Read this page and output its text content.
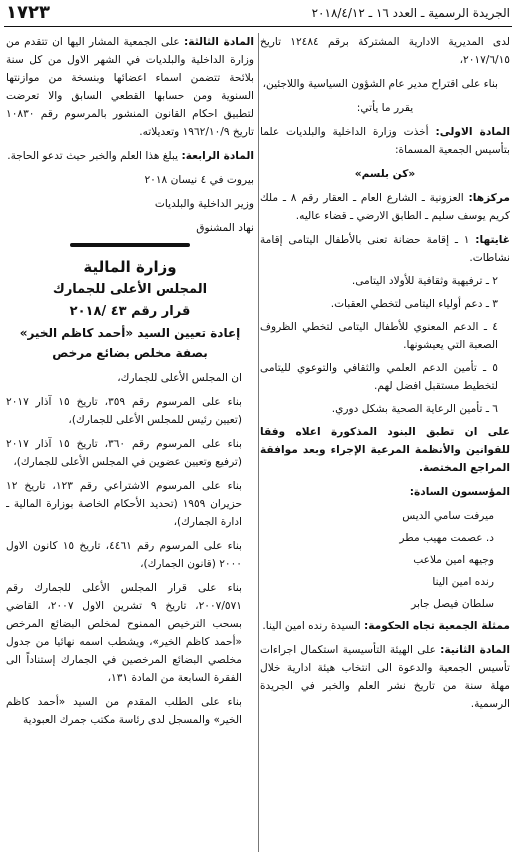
١٧٢٣	الجريدة الرسمية ـ العدد ١٦ ـ ٢٠١٨/٤/١٢

لدى المديرية الادارية المشتركة برقم ١٢٤٨٤ تاريخ ٢٠١٧/٦/١٥،

بناء على اقتراح مدير عام الشؤون السياسية واللاجئين،

يقرر ما يأتي:

المادة الاولى: أخذت وزارة الداخلية والبلديات علما بتأسيس الجمعية المسماة:

«كن بلسم»

مركزها: العزونية ـ الشارع العام ـ العقار رقم ٨ ـ ملك كريم يوسف سليم ـ الطابق الارضي ـ قضاء عاليه.

غايتها: ١ ـ إقامة حضانة تعنى بالأطفال اليتامى إقامة نشاطات.

٢ ـ ترفيهية وثقافية للأولاد اليتامى.

٣ ـ دعم أولياء اليتامى لتخطي العقبات.

٤ ـ الدعم المعنوي للأطفال اليتامى لتخطي الظروف الصعبة التي يعيشونها.

٥ ـ تأمين الدعم العلمي والثقافي والتوعوي لليتامى لتخطيط مستقبل افضل لهم.

٦ ـ تأمين الرعاية الصحية بشكل دوري.

على ان تطبق البنود المذكورة اعلاه وفقا للقوانين والأنظمة المرعية الإجراء وبعد موافقة المراجع المختصة.

المؤسسون السادة:

ميرفت سامي الديس

د. عصمت مهيب مطر

وجيهه امين ملاعب

رنده امين الينا

سلطان فيصل جابر

ممثلة الجمعية تجاه الحكومة: السيدة رنده امين الينا.

المادة الثانية: على الهيئة التأسيسية استكمال اجراءات تأسيس الجمعية والدعوة الى انتخاب هيئة ادارية خلال مهلة سنة من تاريخ نشر العلم والخبر في الجريدة الرسمية.

المادة الثالثة: على الجمعية المشار اليها ان تتقدم من وزارة الداخلية والبلديات في الشهر الاول من كل سنة بلائحة تتضمن اسماء اعضائها وبنسخة من موازنتها السنوية ومن حسابها القطعي السابق والا تعرضت لتطبيق احكام القانون المنشور بالمرسوم رقم ١٠٨٣٠ تاريخ ١٩٦٢/١٠/٩ وتعديلاته.

المادة الرابعة: يبلغ هذا العلم والخبر حيث تدعو الحاجة.

بيروت في ٤ نيسان ٢٠١٨

وزير الداخلية والبلديات

نهاد المشنوق

وزارة المالية
المجلس الأعلى للجمارك
قرار رقم ٤٣ /٢٠١٨
إعادة تعيين السيد «أحمد كاظم الخير»
بصفة مخلص بضائع مرخص

ان المجلس الأعلى للجمارك،

بناء على المرسوم رقم ٣٥٩، تاريخ ١٥ آذار ٢٠١٧ (تعيين رئيس للمجلس الأعلى للجمارك)،

بناء على المرسوم رقم ٣٦٠، تاريخ ١٥ آذار ٢٠١٧ (ترفيع وتعيين عضوين في المجلس الأعلى للجمارك)،

بناء على المرسوم الاشتراعي رقم ١٢٣، تاريخ ١٢ حزيران ١٩٥٩ (تحديد الأحكام الخاصة بوزارة المالية ـ ادارة الجمارك)،

بناء على المرسوم رقم ٤٤٦١، تاريخ ١٥ كانون الاول ٢٠٠٠ (قانون الجمارك)،

بناء على قرار المجلس الأعلى للجمارك رقم ٢٠٠٧/٥٧١، تاريخ ٩ تشرين الاول ٢٠٠٧، القاضي بسحب الترخيص الممنوح لمخلص البضائع المرخص «أحمد كاظم الخير»، ويشطب اسمه نهائيا من جدول مخلصي البضائع المرخصين في الجمارك إستناداً الى الفقرة السابعة من المادة ١٣١،

بناء على الطلب المقدم من السيد «أحمد كاظم الخير» والمسجل لدى رئاسة مكتب جمرك العبودية
